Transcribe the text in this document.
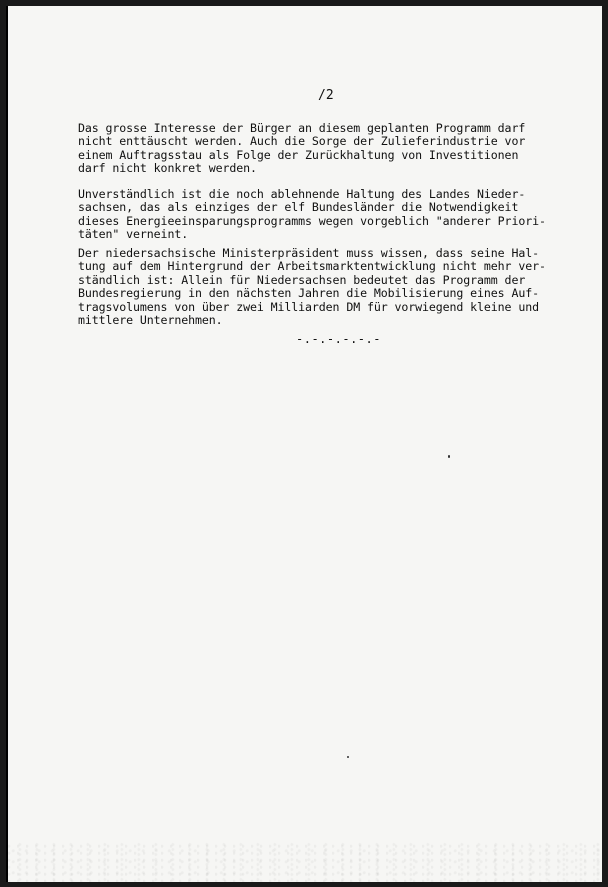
/2

Das grosse Interesse der Bürger an diesem geplanten Programm darf
nicht enttäuscht werden. Auch die Sorge der Zulieferindustrie vor
einem Auftragsstau als Folge der Zurückhaltung von Investitionen
darf nicht konkret werden.

Unverständlich ist die noch ablehnende Haltung des Landes Nieder-
sachsen, das als einziges der elf Bundesländer die Notwendigkeit
dieses Energieeinsparungsprogramms wegen vorgeblich "anderer Priori-
täten" verneint.

Der niedersachsische Ministerpräsident muss wissen, dass seine Hal-
tung auf dem Hintergrund der Arbeitsmarktentwicklung nicht mehr ver-
ständlich ist: Allein für Niedersachsen bedeutet das Programm der
Bundesregierung in den nächsten Jahren die Mobilisierung eines Auf-
tragsvolumens von über zwei Milliarden DM für vorwiegend kleine und
mittlere Unternehmen.

-.-.-.-.-.-
